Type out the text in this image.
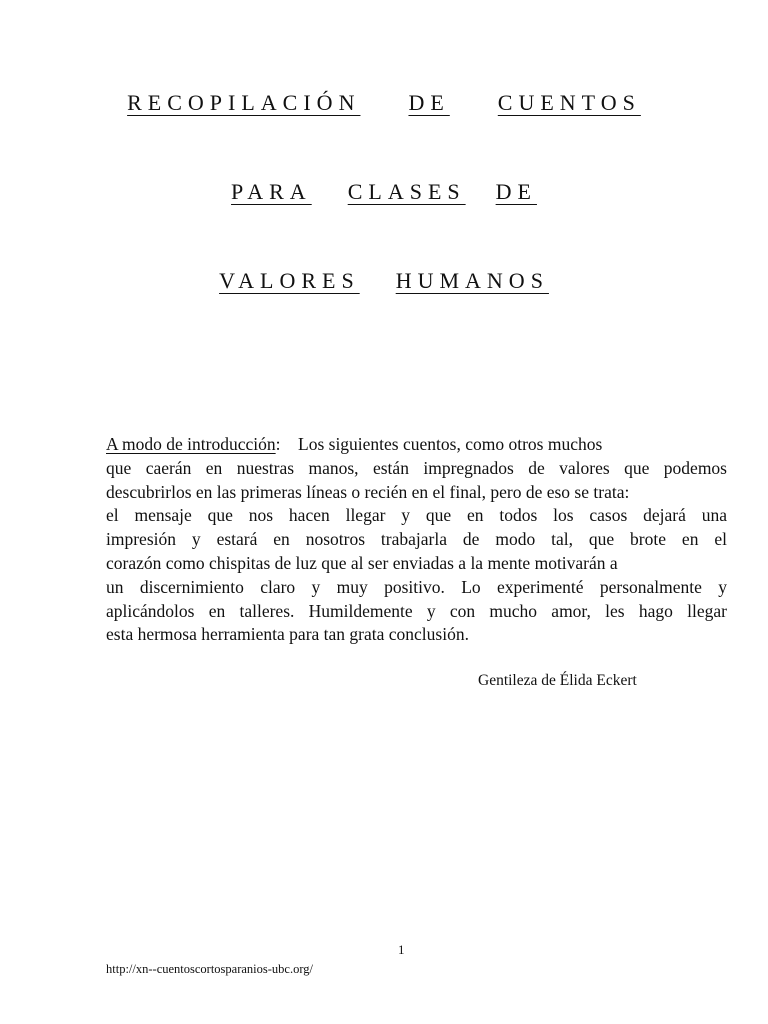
RECOPILACIÓN DE CUENTOS
PARA CLASES DE
VALORES HUMANOS
A modo de introducción:    Los siguientes cuentos, como otros muchos
que caerán en nuestras manos, están impregnados de valores que podemos
descubrirlos en las primeras líneas o recién en el final, pero de eso se trata:
el mensaje que nos hacen llegar y que en todos los casos dejará una
impresión y estará en nosotros trabajarla de modo tal, que brote en el
corazón como chispitas de luz que al ser enviadas a la mente motivarán a
un discernimiento claro y muy positivo. Lo experimenté personalmente y
aplicándolos en talleres. Humildemente y con mucho amor, les hago llegar
esta hermosa herramienta para tan grata conclusión.
Gentileza de Élida Eckert
1
http://xn--cuentoscortosparanios-ubc.org/
